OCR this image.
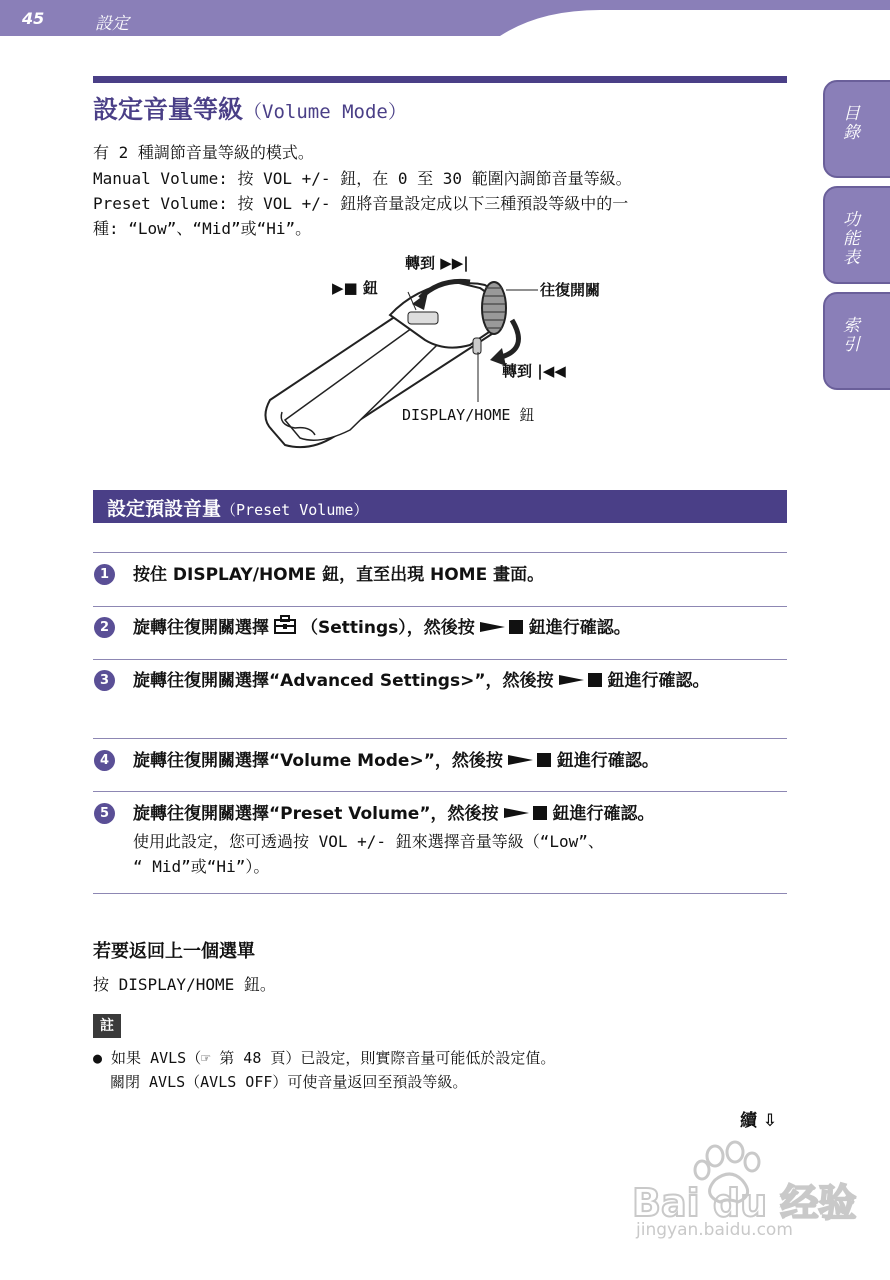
45	設定
目錄
功能表
索引
設定音量等級（Volume Mode）
有 2 種調節音量等級的模式。
Manual Volume: 按 VOL +/- 鈕，在 0 至 30 範圍內調節音量等級。
Preset Volume: 按 VOL +/- 鈕將音量設定成以下三種預設等級中的一
種: “Low”、“Mid”或“Hi”。
轉到 ▶▶|
▶■ 鈕	往復開關
轉到 |◀◀
DISPLAY/HOME 鈕
設定預設音量（Preset Volume）
1	按住 DISPLAY/HOME 鈕，直至出現 HOME 畫面。
2	旋轉往復開關選擇 （Settings），然後按	鈕進行確認。
3	旋轉往復開關選擇“Advanced Settings>”，然後按	鈕進行確認。
4	旋轉往復開關選擇“Volume Mode>”，然後按	鈕進行確認。
5	旋轉往復開關選擇“Preset Volume”，然後按	鈕進行確認。
使用此設定，您可透過按 VOL +/- 鈕來選擇音量等級（“Low”、
“ Mid”或“Hi”）。
若要返回上一個選單
按 DISPLAY/HOME 鈕。
註
● 如果 AVLS（☞ 第 48 頁）已設定，則實際音量可能低於設定值。
關閉 AVLS（AVLS OFF）可使音量返回至預設等級。
續 ⇩
Bai du 经验
jingyan.baidu.com
